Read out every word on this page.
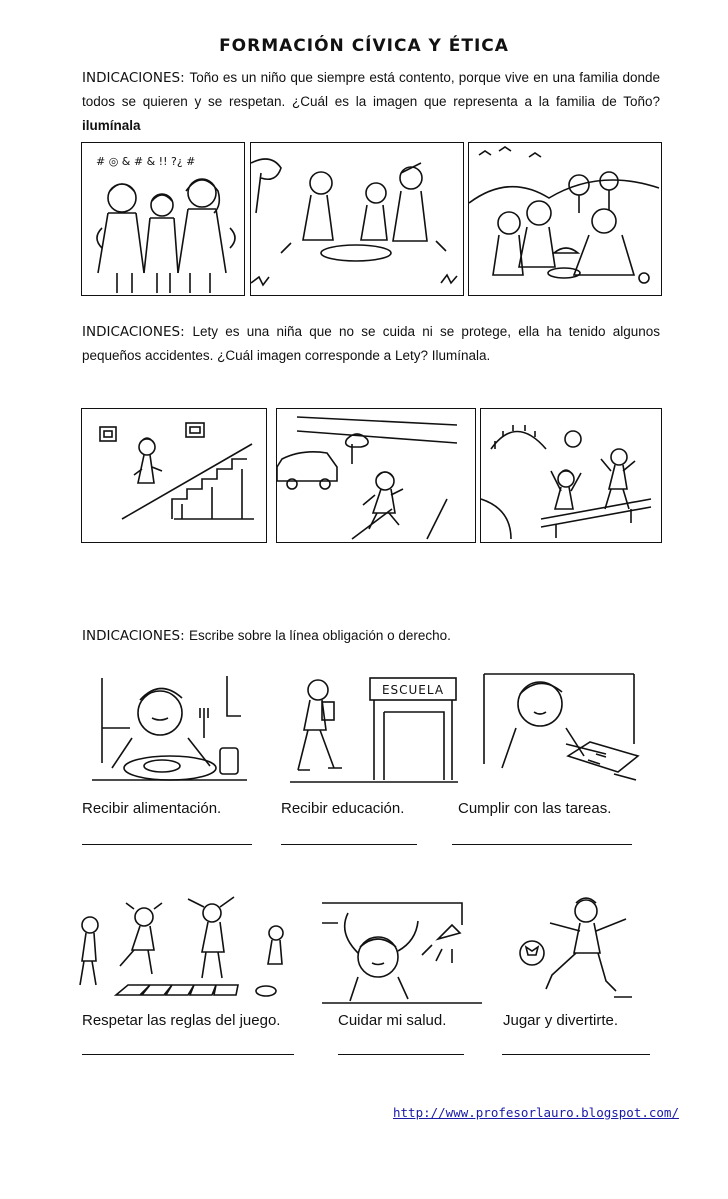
FORMACIÓN CÍVICA Y ÉTICA
INDICACIONES: Toño es un niño que siempre está contento, porque vive en una familia donde todos se quieren y se respetan. ¿Cuál es la imagen que representa a la familia de Toño? ilumínala
# ◎ & # & !! ?¿ #
INDICACIONES: Lety es una niña que no se cuida ni se protege, ella ha tenido algunos pequeños accidentes. ¿Cuál imagen corresponde a Lety? Ilumínala.
INDICACIONES: Escribe sobre la línea obligación o derecho.
ESCUELA
Recibir alimentación.	Recibir educación.	Cumplir con las tareas.
Respetar las reglas del juego.	Cuidar mi salud.	Jugar y divertirte.
http://www.profesorlauro.blogspot.com/
